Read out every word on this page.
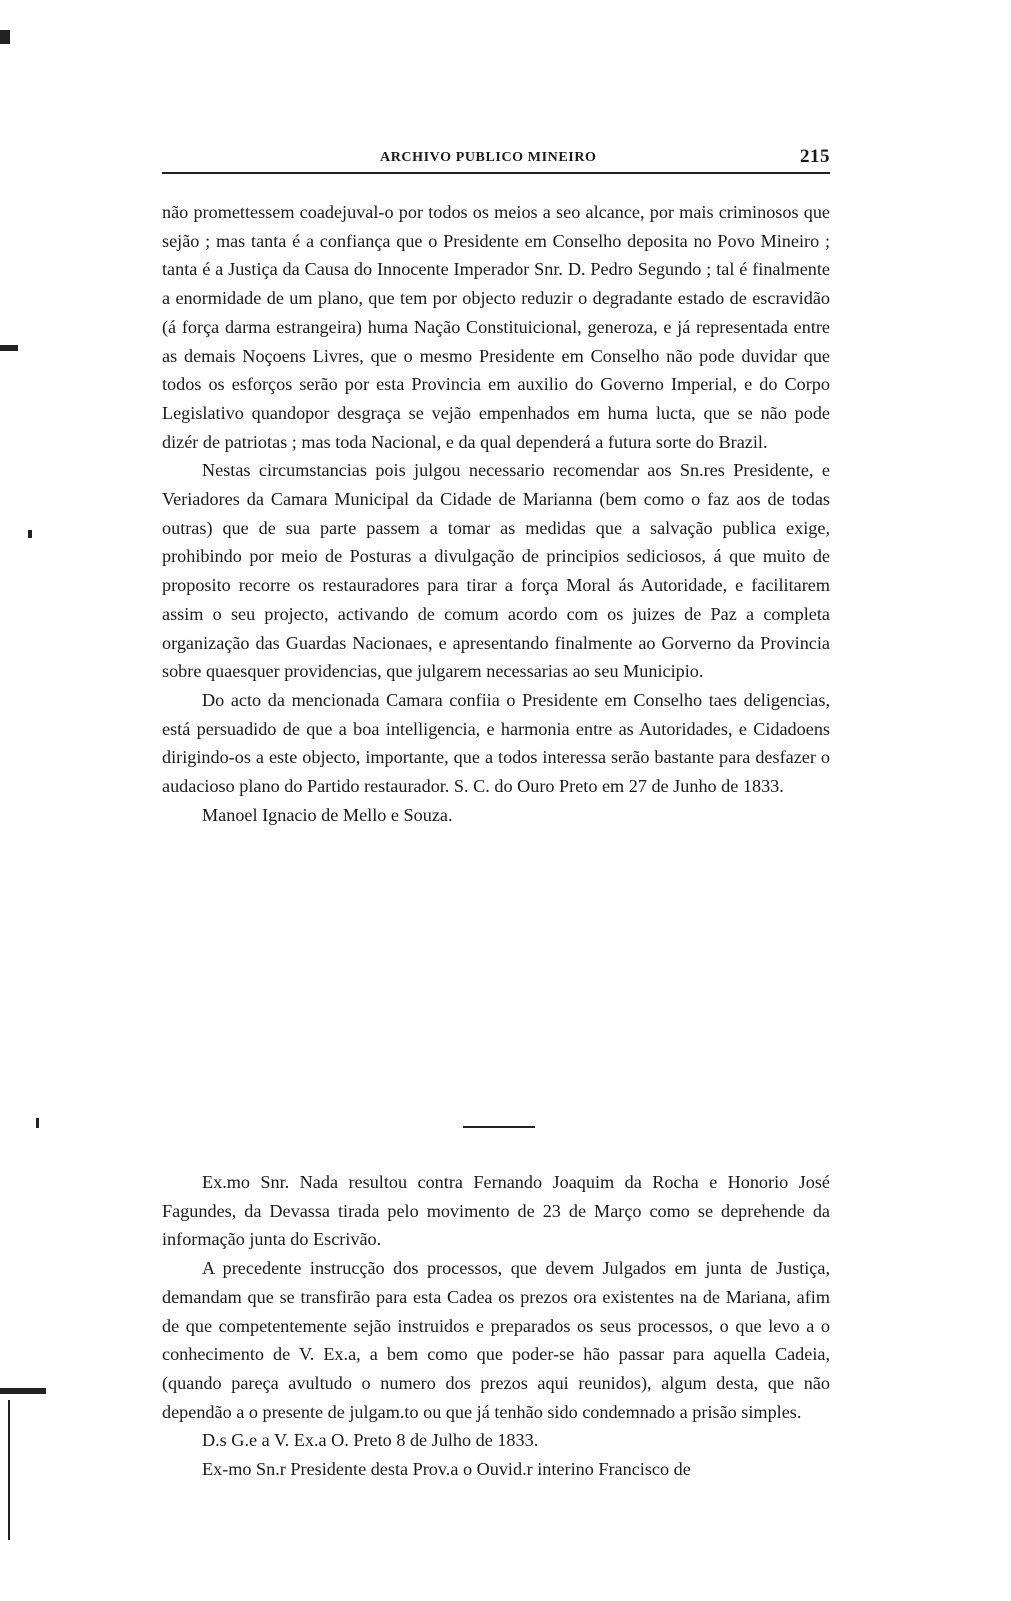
ARCHIVO PUBLICO MINEIRO	215

não promettessem coadejuval-o por todos os meios a seo alcance, por mais criminosos que sejão ; mas tanta é a confiança que o Presidente em Conselho deposita no Povo Mineiro ; tanta é a Justiça da Causa do Innocente Imperador Snr. D. Pedro Segundo ; tal é finalmente a enormidade de um plano, que tem por objecto reduzir o degradante estado de escravidão (á força darma estrangeira) huma Nação Constituicional, generoza, e já representada entre as demais Noçoens Livres, que o mesmo Presidente em Conselho não pode duvidar que todos os esforços serão por esta Provincia em auxilio do Governo Imperial, e do Corpo Legislativo quandopor desgraça se vejão empenhados em huma lucta, que se não pode dizér de patriotas ; mas toda Nacional, e da qual dependerá a futura sorte do Brazil.

Nestas circumstancias pois julgou necessario recomendar aos Sn.res Presidente, e Veriadores da Camara Municipal da Cidade de Marianna (bem como o faz aos de todas outras) que de sua parte passem a tomar as medidas que a salvação publica exige, prohibindo por meio de Posturas a divulgação de principios sediciosos, á que muito de proposito recorre os restauradores para tirar a força Moral ás Autoridade, e facilitarem assim o seu projecto, activando de comum acordo com os juizes de Paz a completa organização das Guardas Nacionaes, e apresentando finalmente ao Gorverno da Provincia sobre quaesquer providencias, que julgarem necessarias ao seu Municipio.

Do acto da mencionada Camara confiia o Presidente em Conselho taes deligencias, está persuadido de que a boa intelligencia, e harmonia entre as Autoridades, e Cidadoens dirigindo-os a este objecto, importante, que a todos interessa serão bastante para desfazer o audacioso plano do Partido restaurador. S. C. do Ouro Preto em 27 de Junho de 1833.

Manoel Ignacio de Mello e Souza.

Ex.mo Snr. Nada resultou contra Fernando Joaquim da Rocha e Honorio José Fagundes, da Devassa tirada pelo movimento de 23 de Março como se deprehende da informação junta do Escrivão.

A precedente instrucção dos processos, que devem Julgados em junta de Justiça, demandam que se transfirão para esta Cadea os prezos ora existentes na de Mariana, afim de que competentemente sejão instruidos e preparados os seus processos, o que levo a o conhecimento de V. Ex.a, a bem como que poder-se hão passar para aquella Cadeia, (quando pareça avultudo o numero dos prezos aqui reunidos), algum desta, que não dependão a o presente de julgam.to ou que já tenhão sido condemnado a prisão simples.

D.s G.e a V. Ex.a O. Preto 8 de Julho de 1833.

Ex-mo Sn.r Presidente desta Prov.a o Ouvid.r interino Francisco de
